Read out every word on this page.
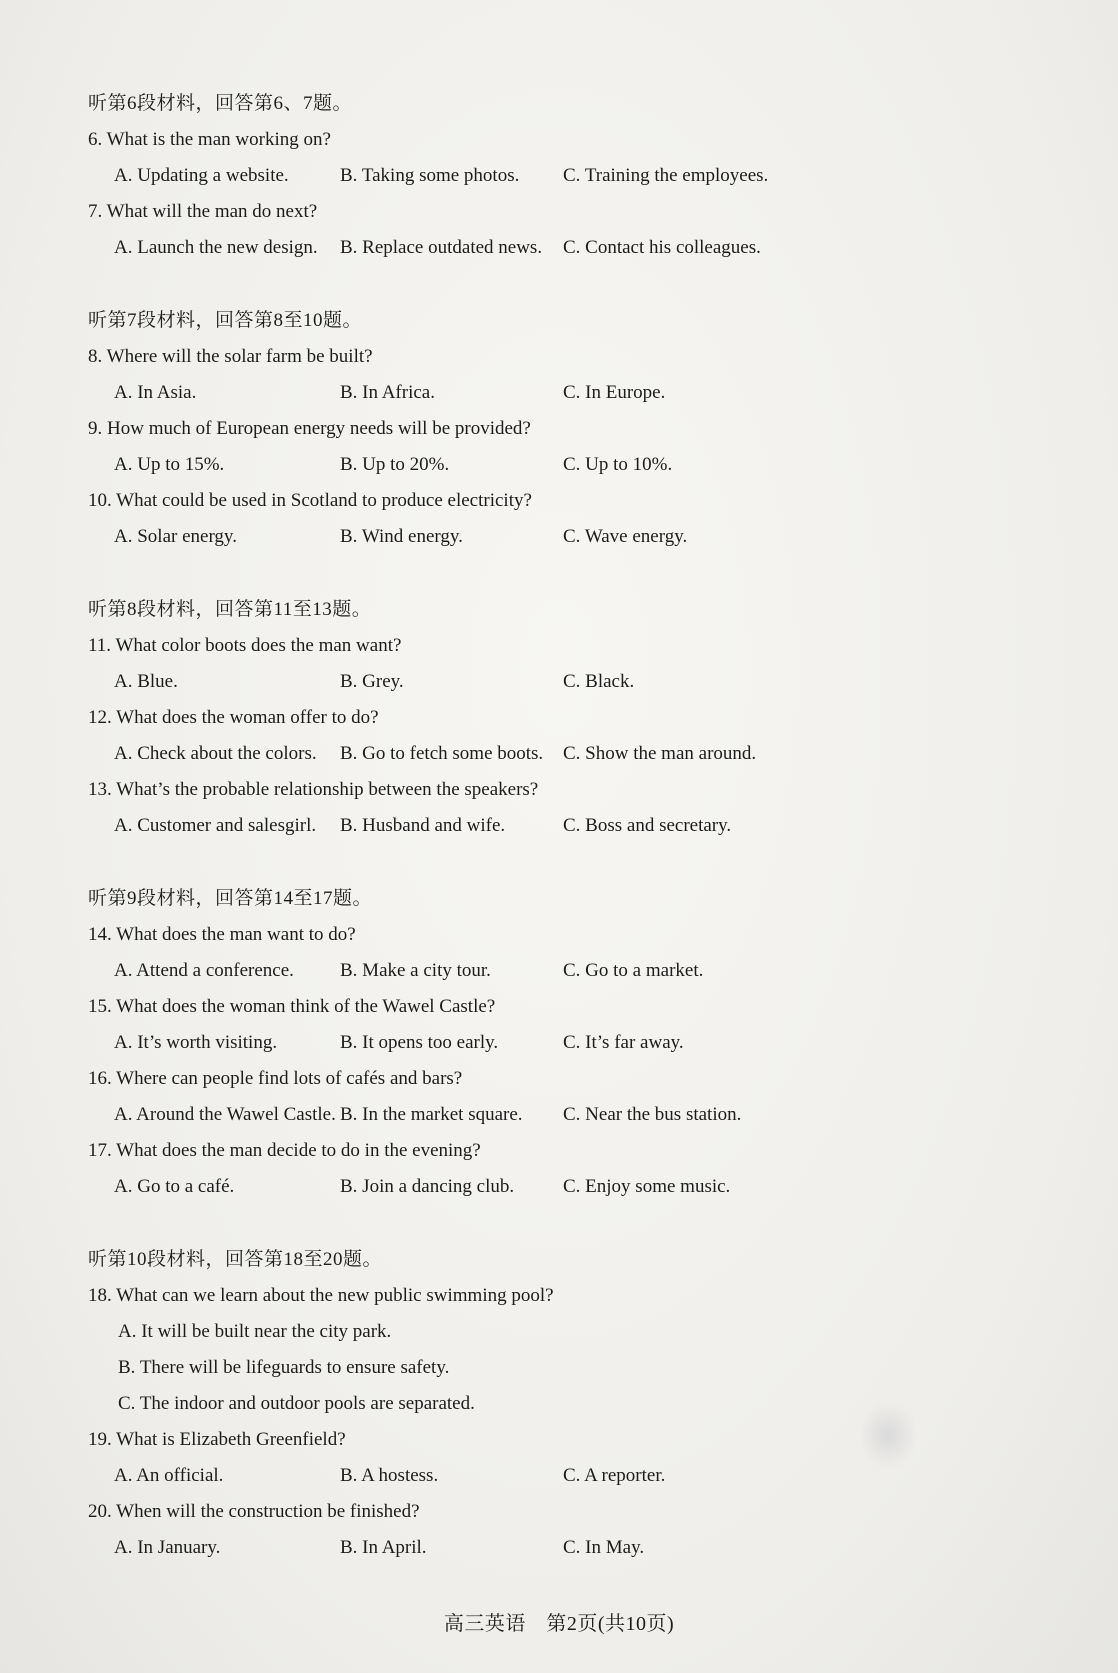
听第6段材料，回答第6、7题。
6. What is the man working on?
A. Updating a website.	B. Taking some photos. C. Training the employees.
7. What will the man do next?
A. Launch the new design. B. Replace outdated news. C. Contact his colleagues.
听第7段材料，回答第8至10题。
8. Where will the solar farm be built?
A. In Asia.	B. In Africa.	C. In Europe.
9. How much of European energy needs will be provided?
A. Up to 15%.	B. Up to 20%.	C. Up to 10%.
10. What could be used in Scotland to produce electricity?
A. Solar energy.	B. Wind energy.	C. Wave energy.
听第8段材料，回答第11至13题。
11. What color boots does the man want?
A. Blue.	B. Grey.	C. Black.
12. What does the woman offer to do?
A. Check about the colors. B. Go to fetch some boots. C. Show the man around.
13. What’s the probable relationship between the speakers?
A. Customer and salesgirl. B. Husband and wife.	C. Boss and secretary.
听第9段材料，回答第14至17题。
14. What does the man want to do?
A. Attend a conference. B. Make a city tour.	C. Go to a market.
15. What does the woman think of the Wawel Castle?
A. It’s worth visiting.	B. It opens too early.	C. It’s far away.
16. Where can people find lots of cafés and bars?
A. Around the Wawel Castle. B. In the market square. C. Near the bus station.
17. What does the man decide to do in the evening?
A. Go to a café.	B. Join a dancing club.	C. Enjoy some music.
听第10段材料，回答第18至20题。
18. What can we learn about the new public swimming pool?
A. It will be built near the city park.
B. There will be lifeguards to ensure safety.
C. The indoor and outdoor pools are separated.
19. What is Elizabeth Greenfield?
A. An official.	B. A hostess.	C. A reporter.
20. When will the construction be finished?
A. In January.	B. In April.	C. In May.
高三英语　第2页(共10页)
